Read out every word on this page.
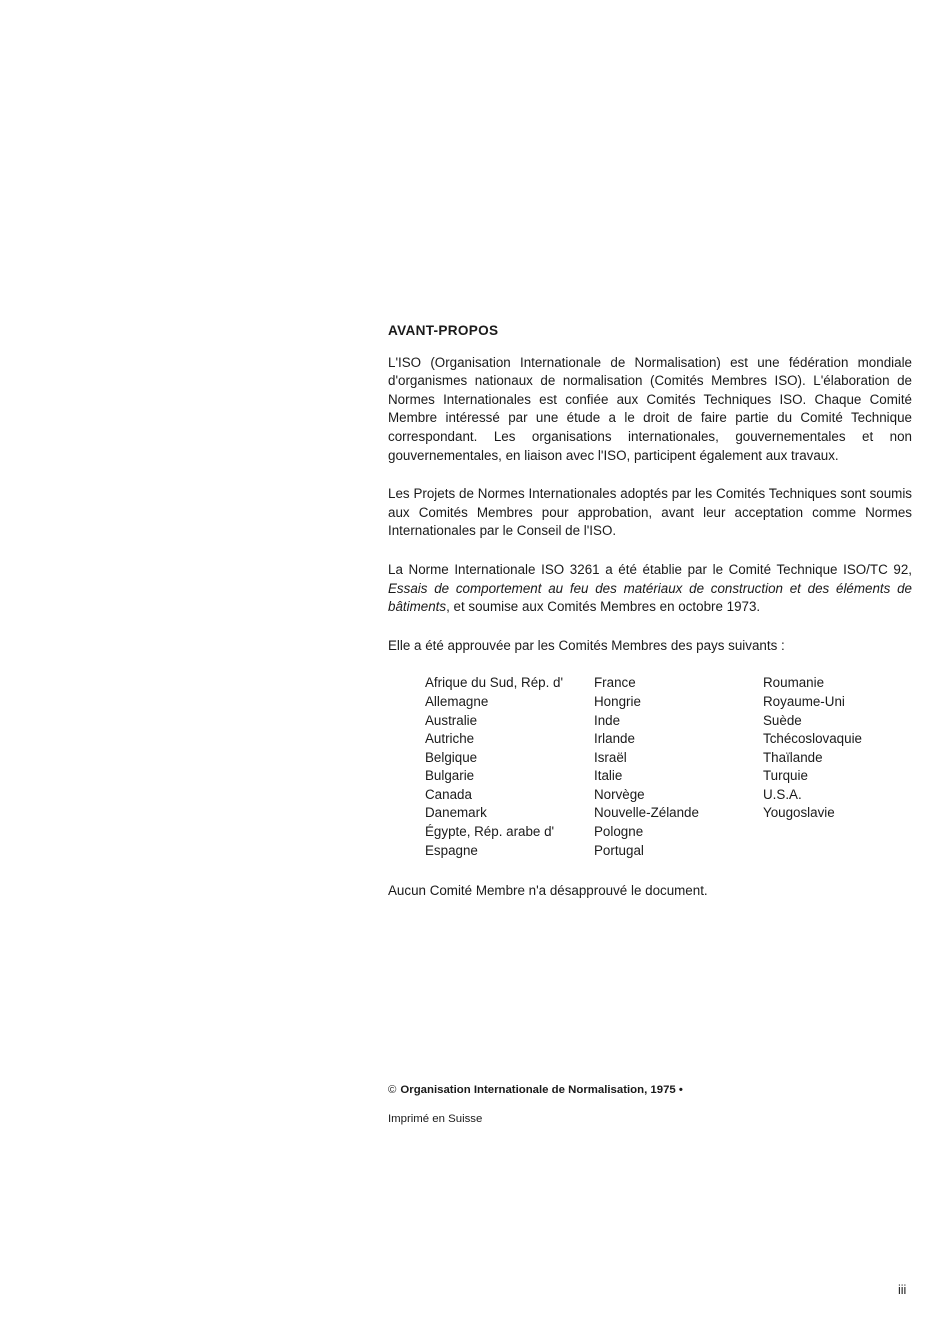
AVANT-PROPOS

L'ISO (Organisation Internationale de Normalisation) est une fédération mondiale d'organismes nationaux de normalisation (Comités Membres ISO). L'élaboration de Normes Internationales est confiée aux Comités Techniques ISO. Chaque Comité Membre intéressé par une étude a le droit de faire partie du Comité Technique correspondant. Les organisations internationales, gouvernementales et non gouvernementales, en liaison avec l'ISO, participent également aux travaux.

Les Projets de Normes Internationales adoptés par les Comités Techniques sont soumis aux Comités Membres pour approbation, avant leur acceptation comme Normes Internationales par le Conseil de l'ISO.

La Norme Internationale ISO 3261 a été établie par le Comité Technique ISO/TC 92, Essais de comportement au feu des matériaux de construction et des éléments de bâtiments, et soumise aux Comités Membres en octobre 1973.

Elle a été approuvée par les Comités Membres des pays suivants :

Afrique du Sud, Rép. d'
Allemagne
Australie
Autriche
Belgique
Bulgarie
Canada
Danemark
Égypte, Rép. arabe d'
Espagne
France
Hongrie
Inde
Irlande
Israël
Italie
Norvège
Nouvelle-Zélande
Pologne
Portugal
Roumanie
Royaume-Uni
Suède
Tchécoslovaquie
Thaïlande
Turquie
U.S.A.
Yougoslavie

Aucun Comité Membre n'a désapprouvé le document.

© Organisation Internationale de Normalisation, 1975 •
Imprimé en Suisse
iii
